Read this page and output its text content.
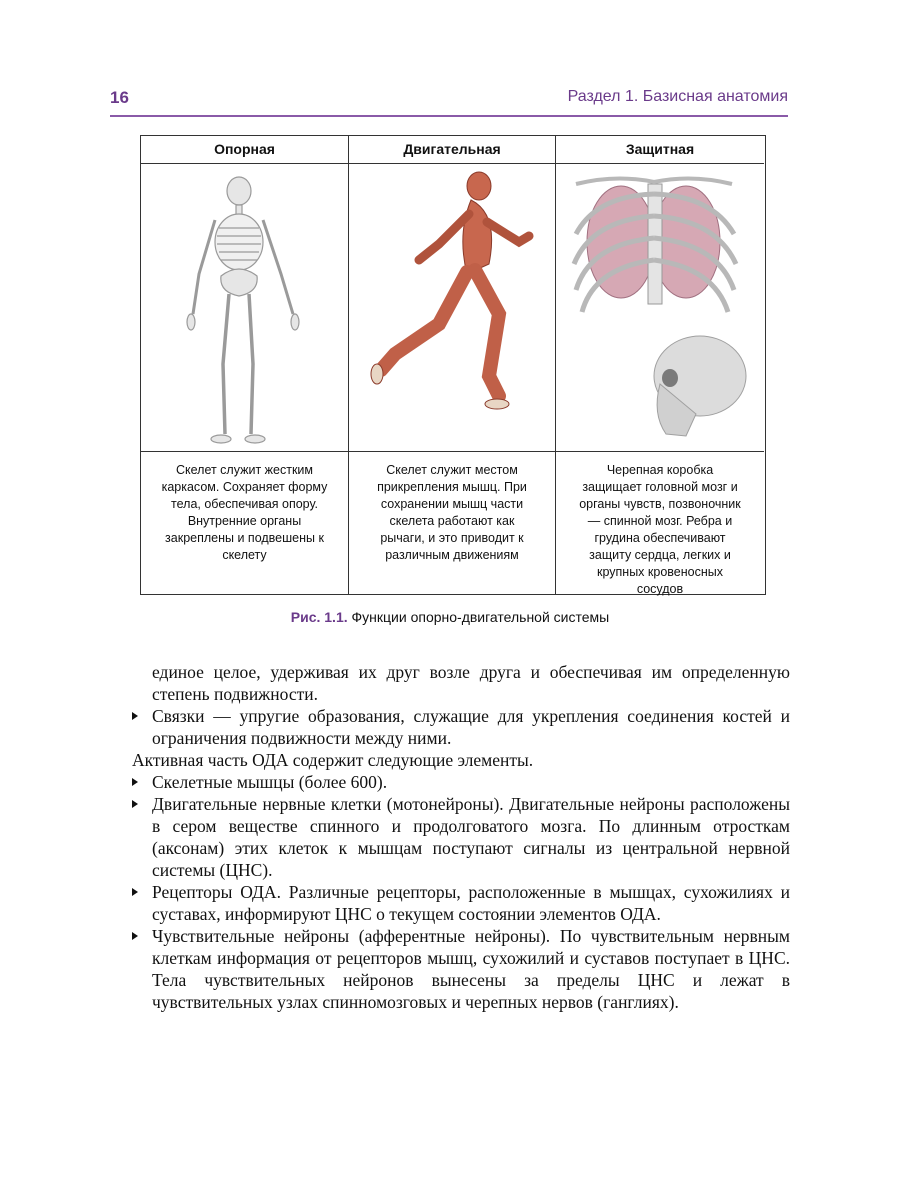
16	Раздел 1. Базисная анатомия
Опорная
Скелет служит жестким каркасом. Сохраняет форму тела, обеспечивая опору. Внутренние органы закреплены и подвешены к скелету
Двигательная
Скелет служит местом прикрепления мышц. При сохранении мышц части скелета работают как рычаги, и это приводит к различным движениям
Защитная
Черепная коробка защищает головной мозг и органы чувств, позвоночник — спинной мозг. Ребра и грудина обеспечивают защиту сердца, легких и крупных кровеносных сосудов
Рис. 1.1. Функции опорно-двигательной системы

единое целое, удерживая их друг возле друга и обеспечивая им определенную степень подвижности.

Связки — упругие образования, служащие для укрепления соединения костей и ограничения подвижности между ними.

Активная часть ОДА содержит следующие элементы.

Скелетные мышцы (более 600).

Двигательные нервные клетки (мотонейроны). Двигательные нейроны расположены в сером веществе спинного и продолговатого мозга. По длинным отросткам (аксонам) этих клеток к мышцам поступают сигналы из центральной нервной системы (ЦНС).

Рецепторы ОДА. Различные рецепторы, расположенные в мышцах, сухожилиях и суставах, информируют ЦНС о текущем состоянии элементов ОДА.

Чувствительные нейроны (афферентные нейроны). По чувствительным нервным клеткам информация от рецепторов мышц, сухожилий и суставов поступает в ЦНС. Тела чувствительных нейронов вынесены за пределы ЦНС и лежат в чувствительных узлах спинномозговых и черепных нервов (ганглиях).
